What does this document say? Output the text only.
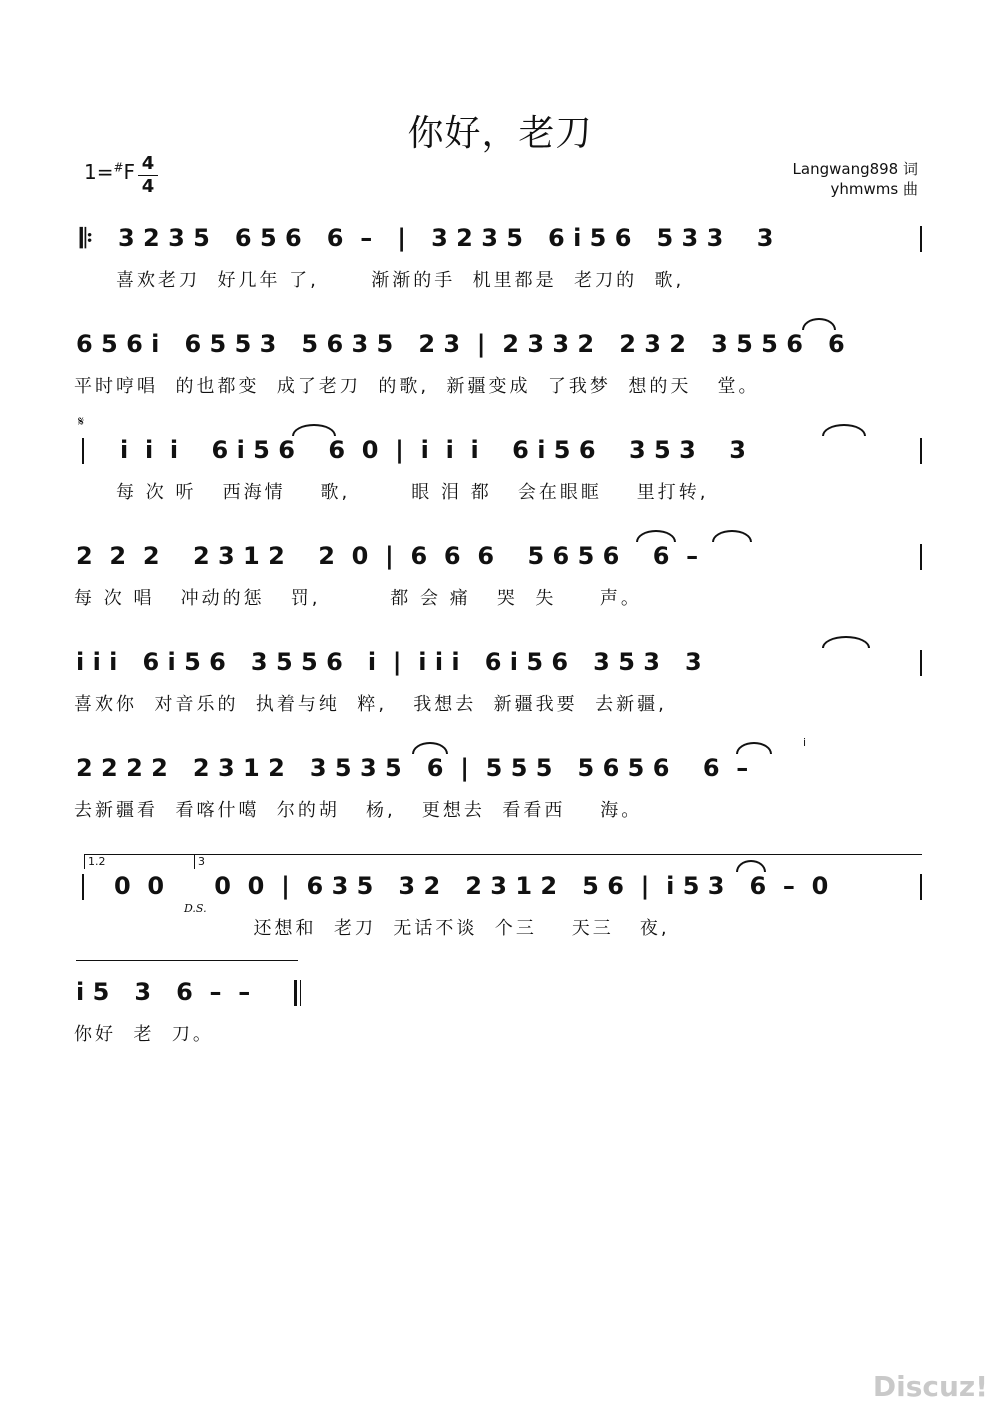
你好，老刀
1=#F 4
4
Langwang898 词
yhmwms 曲
𝄆 3 2 3 5   6 5 6   6  –   |   3 2 3 5   6 i 5 6   5 3 3    3
喜欢老刀  好几年 了,      渐渐的手  机里都是  老刀的  歌,
6 5 6 i   6 5 5 3   5 6 3 5   2 3  |  2 3 3 2   2 3 2   3 5 5 6   6
平时哼唱  的也都变  成了老刀  的歌,  新疆变成  了我梦  想的天   堂。
𝄋
i  i  i    6 i 5 6    6  0  |  i  i  i    6 i 5 6    3 5 3    3
每 次 听   西海情    歌,       眼 泪 都   会在眼眶    里打转,
2  2  2    2 3 1 2    2  0  |  6  6  6    5 6 5 6    6  –
每 次 唱   冲动的惩   罚,        都 会 痛   哭  失     声。
i i i   6 i 5 6   3 5 5 6   i  |  i i i   6 i 5 6   3 5 3   3
喜欢你  对音乐的  执着与纯  粹,   我想去  新疆我要  去新疆,
2 2 2 2   2 3 1 2   3 5 3 5   6  |  5 5 5   5 6 5 6    6  –
i
去新疆看  看喀什噶  尔的胡   杨,   更想去  看看西    海。
1.2	3
0  0      0  0  |  6 3 5   3 2   2 3 1 2   5 6  |  i 5 3   6  –  0
D.S.
还想和  老刀  无话不谈  个三    天三   夜,
i 5   3   6  –  –
你好  老  刀。
Discuz!
